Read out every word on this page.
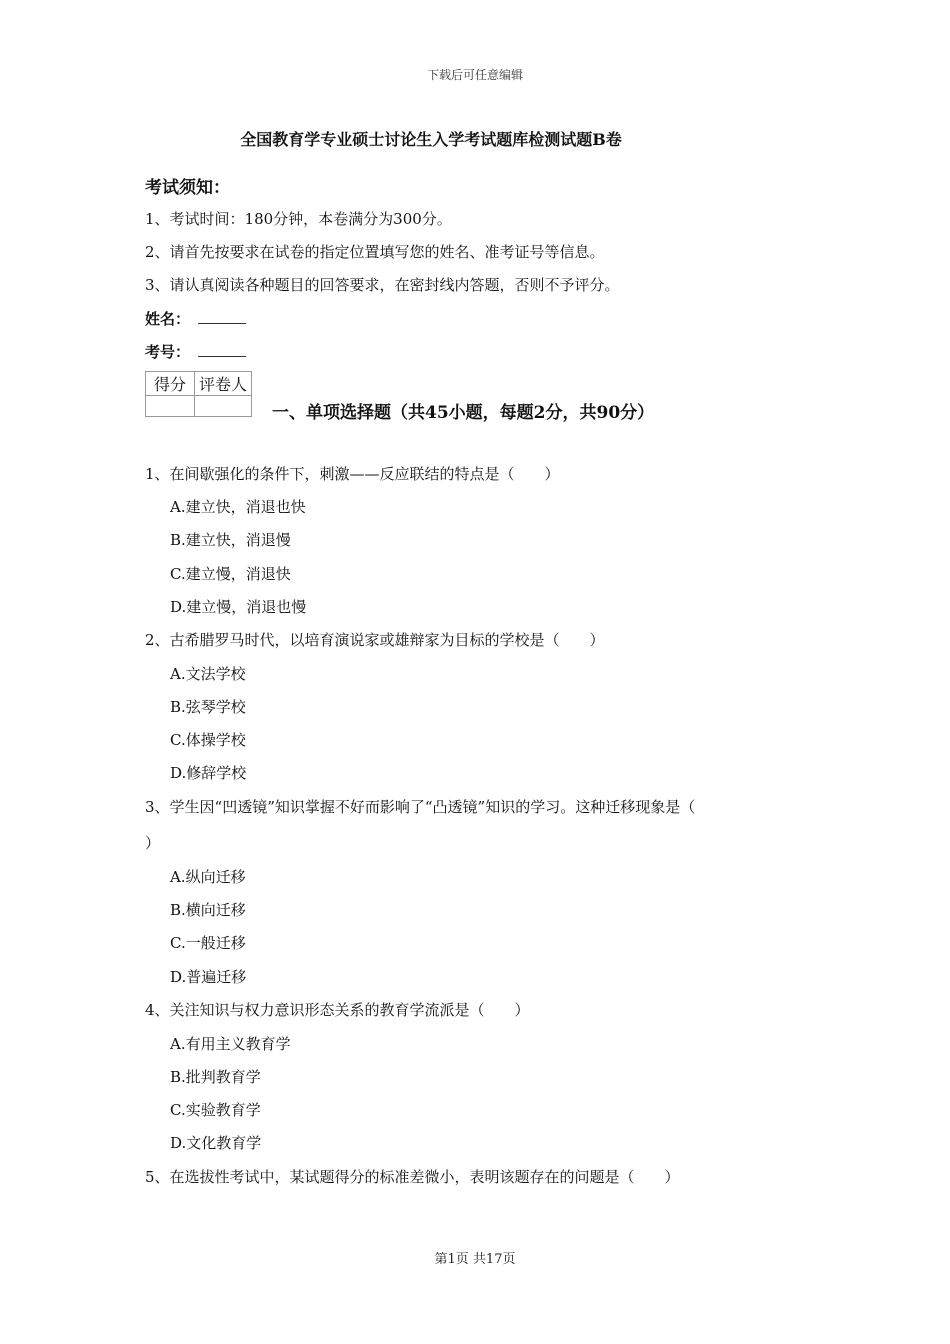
下载后可任意编辑
全国教育学专业硕士讨论生入学考试题库检测试题B卷
考试须知：
1、考试时间：180分钟，本卷满分为300分。
2、请首先按要求在试卷的指定位置填写您的姓名、准考证号等信息。
3、请认真阅读各种题目的回答要求，在密封线内答题，否则不予评分。
姓名：
考号：
得分	评卷人

一、单项选择题（共45小题，每题2分，共90分）
1、在间歇强化的条件下，刺激——反应联结的特点是（　　）
A.建立快，消退也快
B.建立快，消退慢
C.建立慢，消退快
D.建立慢，消退也慢
2、古希腊罗马时代，以培育演说家或雄辩家为目标的学校是（　　）
A.文法学校
B.弦琴学校
C.体操学校
D.修辞学校
3、学生因“凹透镜”知识掌握不好而影响了“凸透镜”知识的学习。这种迁移现象是（
）
A.纵向迁移
B.横向迁移
C.一般迁移
D.普遍迁移
4、关注知识与权力意识形态关系的教育学流派是（　　）
A.有用主义教育学
B.批判教育学
C.实验教育学
D.文化教育学
5、在选拔性考试中，某试题得分的标准差微小，表明该题存在的问题是（　　）
第1页 共17页
